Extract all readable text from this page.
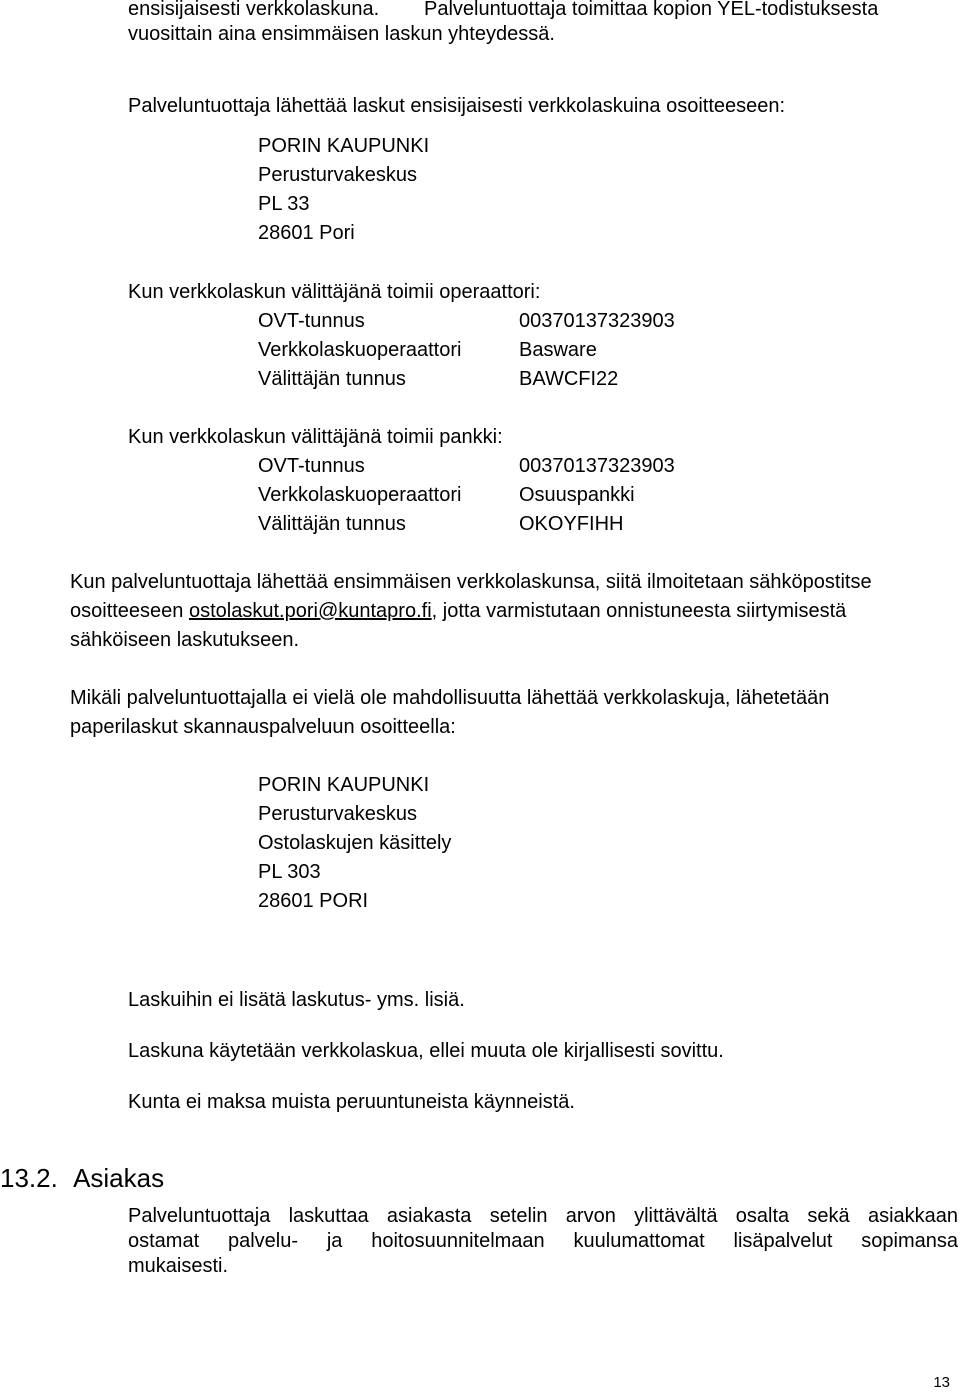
ensisijaisesti verkkolaskuna. Palveluntuottaja toimittaa kopion YEL-todistuksesta
vuosittain aina ensimmäisen laskun yhteydessä.

Palveluntuottaja lähettää laskut ensisijaisesti verkkolaskuina osoitteeseen:

PORIN KAUPUNKI
Perusturvakeskus
PL 33
28601 Pori

Kun verkkolaskun välittäjänä toimii operaattori:

OVT-tunnus	00370137323903
Verkkolaskuoperaattori	Basware
Välittäjän tunnus	BAWCFI22

Kun verkkolaskun välittäjänä toimii pankki:

OVT-tunnus	00370137323903
Verkkolaskuoperaattori	Osuuspankki
Välittäjän tunnus	OKOYFIHH
Kun palveluntuottaja lähettää ensimmäisen verkkolaskunsa, siitä ilmoitetaan sähköpostitse
osoitteeseen ostolaskut.pori@kuntapro.fi, jotta varmistutaan onnistuneesta siirtymisestä
sähköiseen laskutukseen.
Mikäli palveluntuottajalla ei vielä ole mahdollisuutta lähettää verkkolaskuja, lähetetään
paperilaskut skannauspalveluun osoitteella:
PORIN KAUPUNKI
Perusturvakeskus
Ostolaskujen käsittely
PL 303
28601 PORI

Laskuihin ei lisätä laskutus- yms. lisiä.

Laskuna käytetään verkkolaskua, ellei muuta ole kirjallisesti sovittu.

Kunta ei maksa muista peruuntuneista käynneistä.

13.2. Asiakas
Palveluntuottaja laskuttaa asiakasta setelin arvon ylittävältä osalta sekä asiakkaan
ostamat palvelu- ja hoitosuunnitelmaan kuulumattomat lisäpalvelut sopimansa
mukaisesti.
13
